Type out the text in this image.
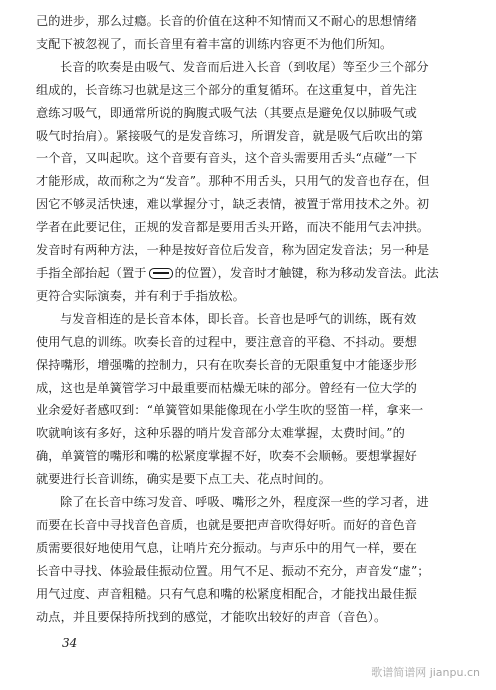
己的进步，那么过瘾。长音的价值在这种不知情而又不耐心的思想情绪

支配下被忽视了，而长音里有着丰富的训练内容更不为他们所知。

长音的吹奏是由吸气、发音而后进入长音（到收尾）等至少三个部分

组成的，长音练习也就是这三个部分的重复循环。在这重复中，首先注

意练习吸气，即通常所说的胸腹式吸气法（其要点是避免仅以肺吸气或

吸气时抬肩）。紧接吸气的是发音练习，所谓发音，就是吸气后吹出的第

一个音，又叫起吹。这个音要有音头，这个音头需要用舌头“点碰”一下

才能形成，故而称之为“发音”。那种不用舌头，只用气的发音也存在，但

因它不够灵活快速，难以掌握分寸，缺乏表情，被置于常用技术之外。初

学者在此要记住，正规的发音都是要用舌头开路，而决不能用气去冲拱。

发音时有两种方法，一种是按好音位后发音，称为固定发音法；另一种是

手指全部抬起（置于 的位置），发音时才触键，称为移动发音法。此法

更符合实际演奏，并有利于手指放松。

与发音相连的是长音本体，即长音。长音也是呼气的训练，既有效

使用气息的训练。吹奏长音的过程中，要注意音的平稳、不抖动。要想

保持嘴形，增强嘴的控制力，只有在吹奏长音的无限重复中才能逐步形

成，这也是单簧管学习中最重要而枯燥无味的部分。曾经有一位大学的

业余爱好者感叹到：“单簧管如果能像现在小学生吹的竖笛一样，拿来一

吹就响该有多好，这种乐器的哨片发音部分太难掌握，太费时间。”的

确，单簧管的嘴形和嘴的松紧度掌握不好，吹奏不会顺畅。要想掌握好

就要进行长音训练，确实是要下点工夫、花点时间的。

除了在长音中练习发音、呼吸、嘴形之外，程度深一些的学习者，进

而要在长音中寻找音色音质，也就是要把声音吹得好听。而好的音色音

质需要很好地使用气息，让哨片充分振动。与声乐中的用气一样，要在

长音中寻找、体验最佳振动位置。用气不足、振动不充分，声音发“虚”；

用气过度、声音粗糙。只有气息和嘴的松紧度相配合，才能找出最佳振

动点，并且要保持所找到的感觉，才能吹出较好的声音（音色）。

34
歌谱简谱网 jianpu.cn
